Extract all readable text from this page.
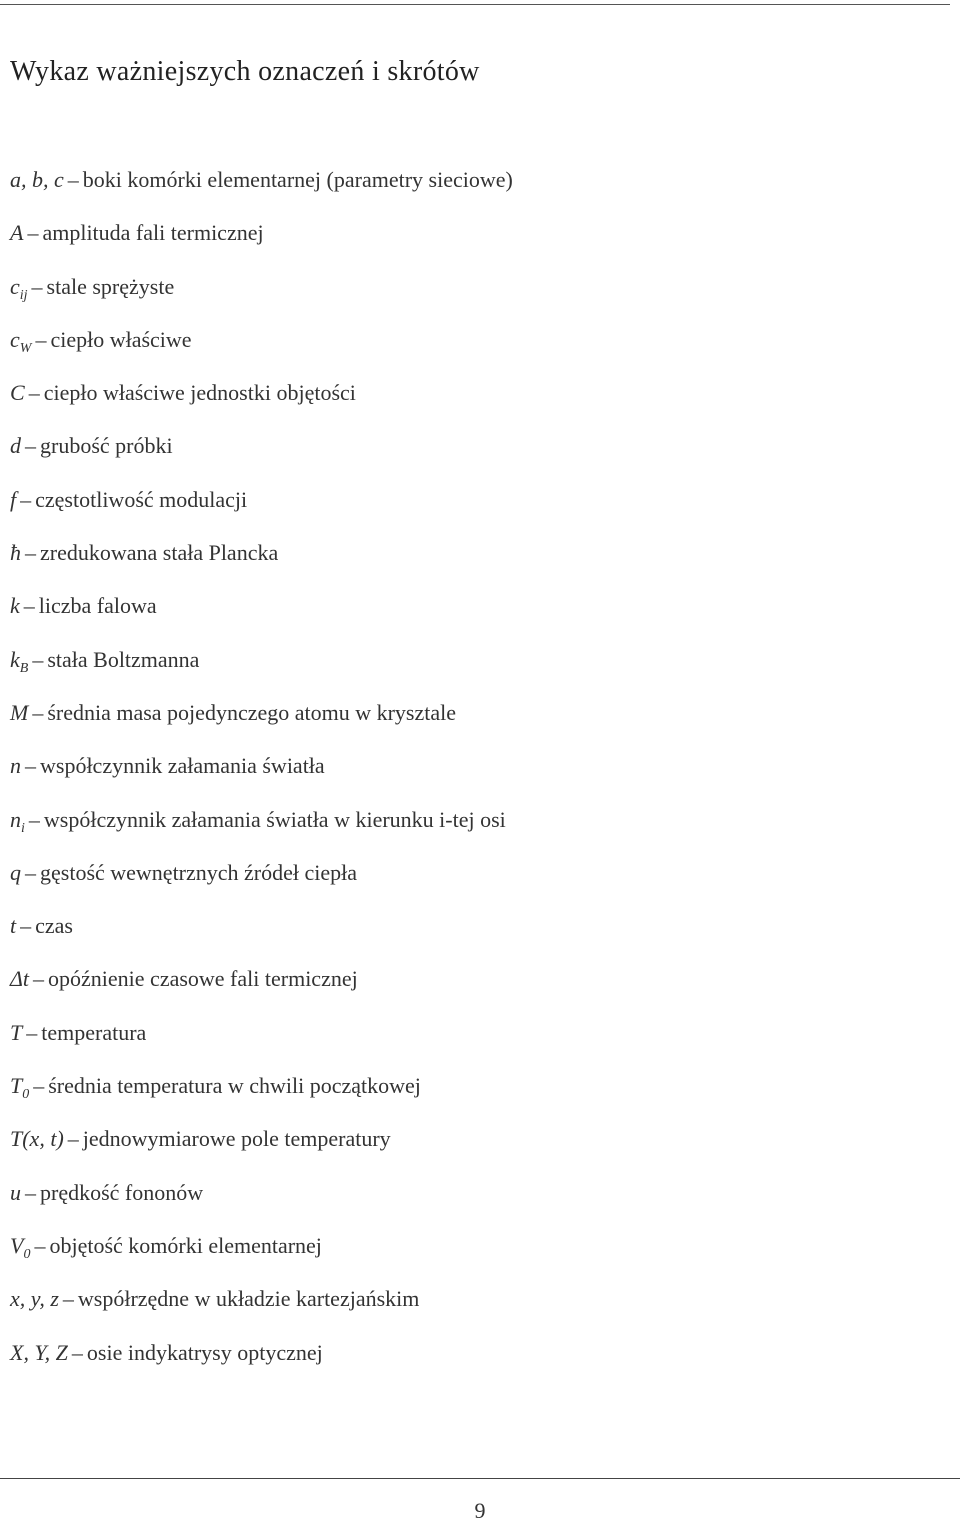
Wykaz ważniejszych oznaczeń i skrótów
a, b, c – boki komórki elementarnej (parametry sieciowe)
A – amplituda fali termicznej
$c_{ij}$ – stale sprężyste
$c_W$ – ciepło właściwe
C – ciepło właściwe jednostki objętości
d – grubość próbki
f – częstotliwość modulacji
ħ – zredukowana stała Plancka
k – liczba falowa
$k_B$ – stała Boltzmanna
M – średnia masa pojedynczego atomu w krysztale
n – współczynnik załamania światła
$n_i$ – współczynnik załamania światła w kierunku i-tej osi
q – gęstość wewnętrznych źródeł ciepła
t – czas
Δt – opóźnienie czasowe fali termicznej
T – temperatura
$T_0$ – średnia temperatura w chwili początkowej
T(x, t) – jednowymiarowe pole temperatury
u – prędkość fononów
$V_0$ – objętość komórki elementarnej
x, y, z – współrzędne w układzie kartezjańskim
X, Y, Z – osie indykatrysy optycznej
9
